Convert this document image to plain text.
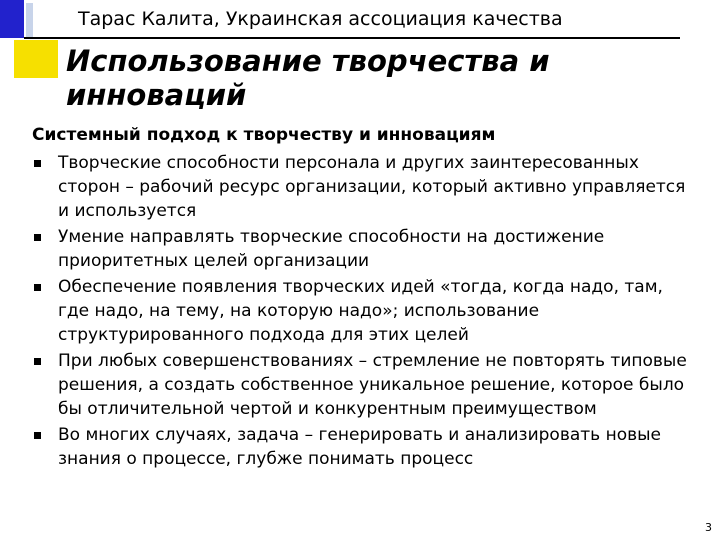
Тарас Калита, Украинская ассоциация качества
Использование творчества и
инноваций
Системный подход к творчеству и инновациям
Творческие способности персонала и других заинтересованных сторон – рабочий ресурс организации, который активно управляется и используется
Умение направлять творческие способности на достижение приоритетных целей организации
Обеспечение появления творческих идей «тогда, когда надо, там, где надо, на тему, на которую надо»; использование структурированного подхода для этих целей
При любых совершенствованиях – стремление не повторять типовые решения, а создать собственное уникальное решение, которое было бы отличительной чертой и конкурентным преимуществом
Во многих случаях, задача – генерировать и анализировать новые знания о процессе, глубже понимать процесс
3
